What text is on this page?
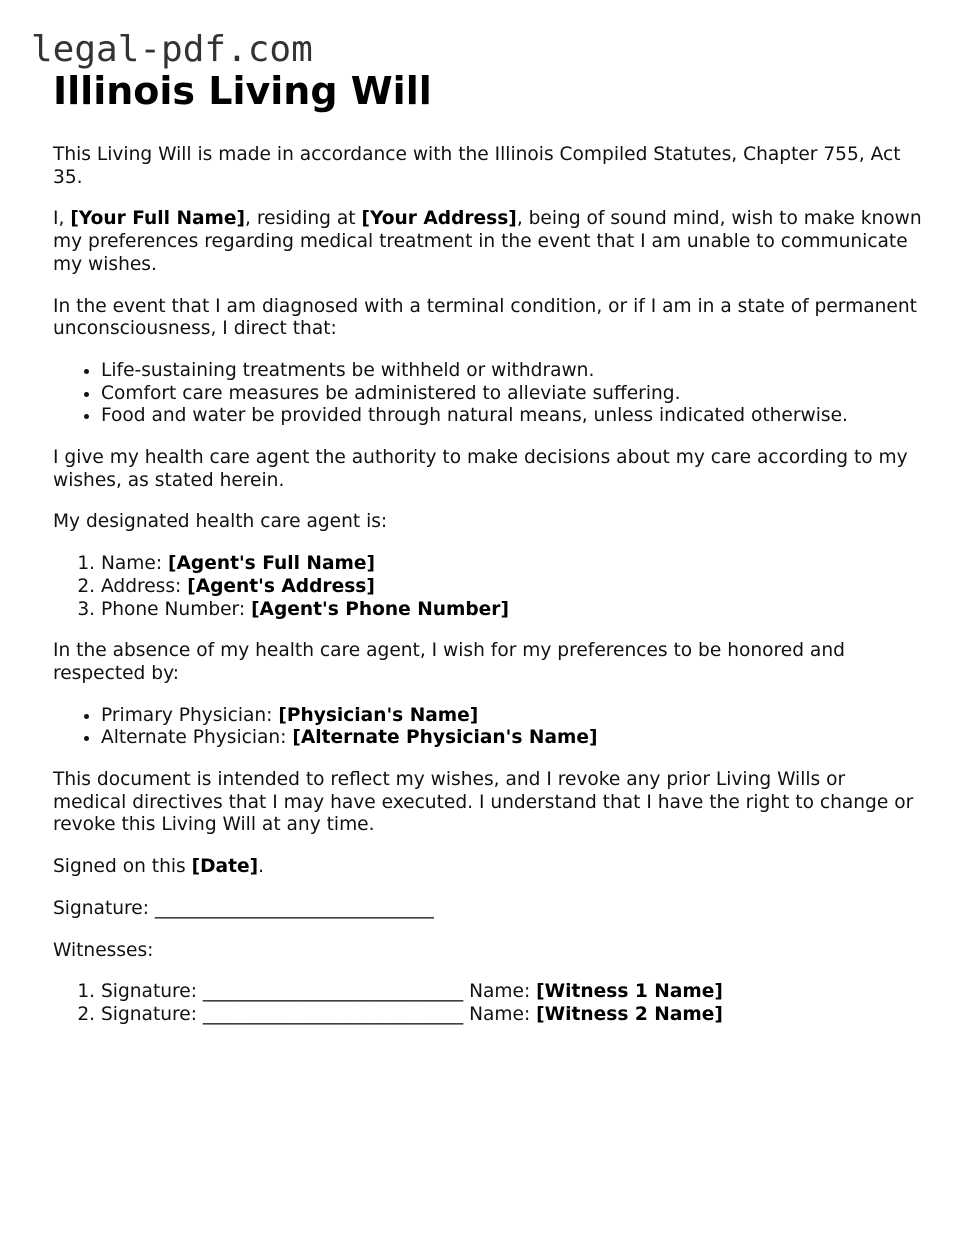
legal-pdf.com
Illinois Living Will

This Living Will is made in accordance with the Illinois Compiled Statutes, Chapter 755, Act 35.

I, [Your Full Name], residing at [Your Address], being of sound mind, wish to make known my preferences regarding medical treatment in the event that I am unable to communicate my wishes.

In the event that I am diagnosed with a terminal condition, or if I am in a state of permanent unconsciousness, I direct that:

• Life-sustaining treatments be withheld or withdrawn.
• Comfort care measures be administered to alleviate suffering.
• Food and water be provided through natural means, unless indicated otherwise.

I give my health care agent the authority to make decisions about my care according to my wishes, as stated herein.

My designated health care agent is:

1. Name: [Agent's Full Name]
2. Address: [Agent's Address]
3. Phone Number: [Agent's Phone Number]

In the absence of my health care agent, I wish for my preferences to be honored and respected by:

• Primary Physician: [Physician's Name]
• Alternate Physician: [Alternate Physician's Name]

This document is intended to reflect my wishes, and I revoke any prior Living Wills or medical directives that I may have executed. I understand that I have the right to change or revoke this Living Will at any time.

Signed on this [Date].

Signature: ______________________________

Witnesses:

1. Signature: ____________________________ Name: [Witness 1 Name]
2. Signature: ____________________________ Name: [Witness 2 Name]
